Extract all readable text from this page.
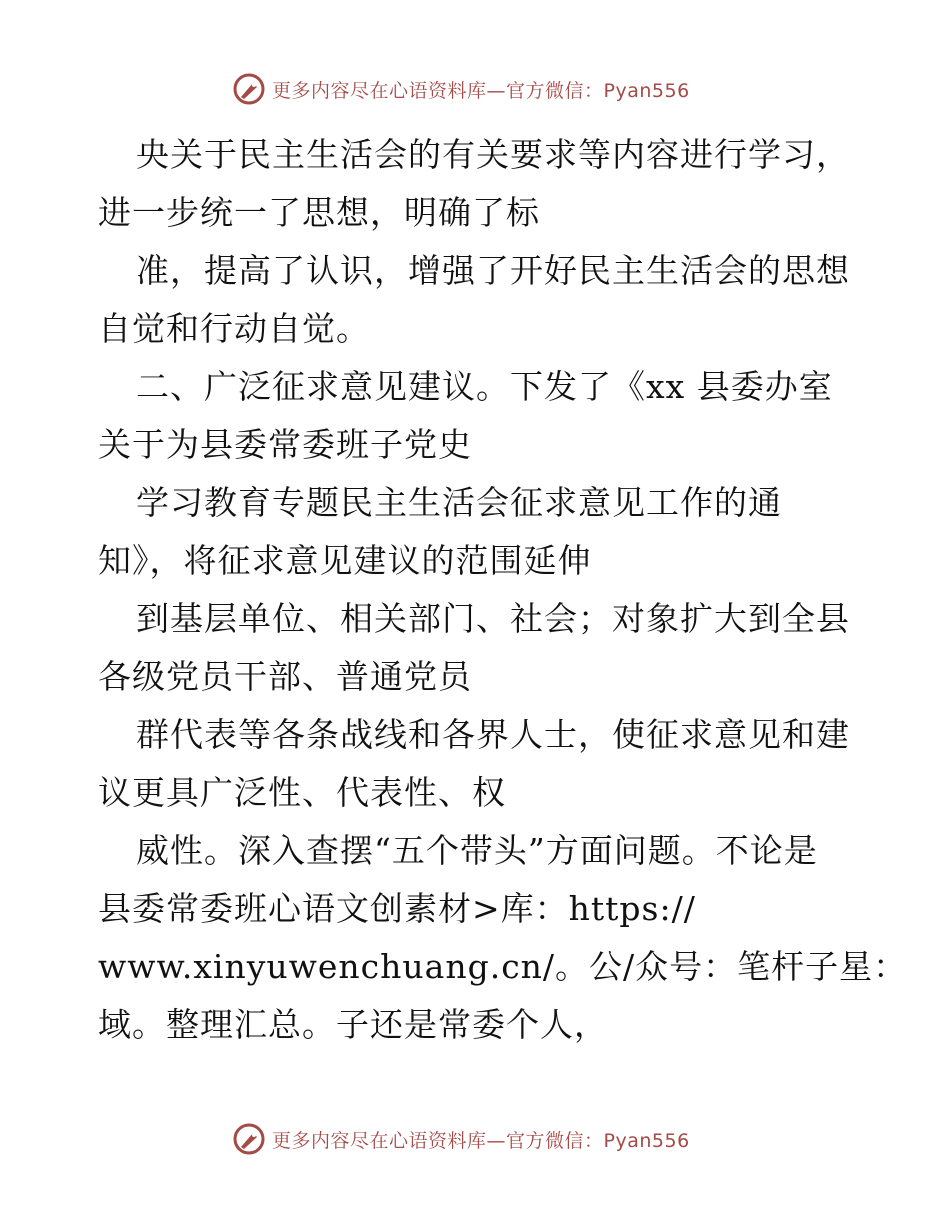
更多内容尽在心语资料库—官方微信：Pyan556
央关于民主生活会的有关要求等内容进行学习，
进一步统一了思想，明确了标
准，提高了认识，增强了开好民主生活会的思想
自觉和行动自觉。
二、广泛征求意见建议。下发了《xx 县委办室
关于为县委常委班子党史
学习教育专题民主生活会征求意见工作的通
知》，将征求意见建议的范围延伸
到基层单位、相关部门、社会；对象扩大到全县
各级党员干部、普通党员
群代表等各条战线和各界人士，使征求意见和建
议更具广泛性、代表性、权
威性。深入查摆“五个带头”方面问题。不论是
县委常委班心语文创素材>库：https://
www.xinyuwenchuang.cn/。公/众号：笔杆子星：
域。整理汇总。子还是常委个人，
更多内容尽在心语资料库—官方微信：Pyan556
